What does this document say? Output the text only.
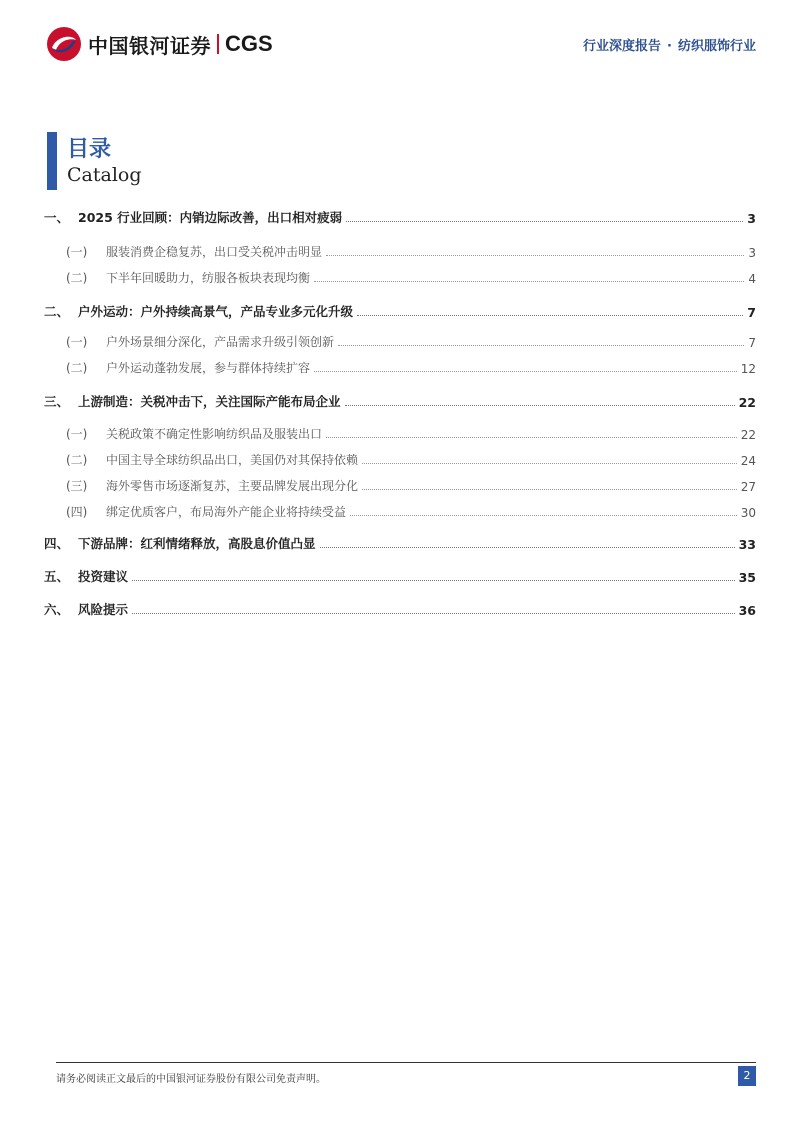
中国银河证券 CGS	行业深度报告 · 纺织服饰行业
目录
Catalog
一、 2025 行业回顾：内销边际改善，出口相对疲弱	3
(一)	服装消费企稳复苏，出口受关税冲击明显	3
(二)	下半年回暖助力，纺服各板块表现均衡	4
二、 户外运动：户外持续高景气，产品专业多元化升级	7
(一)	户外场景细分深化，产品需求升级引领创新	7
(二)	户外运动蓬勃发展，参与群体持续扩容	12
三、 上游制造：关税冲击下，关注国际产能布局企业	22
(一)	关税政策不确定性影响纺织品及服装出口	22
(二)	中国主导全球纺织品出口，美国仍对其保持依赖	24
(三)	海外零售市场逐渐复苏，主要品牌发展出现分化	27
(四)	绑定优质客户，布局海外产能企业将持续受益	30
四、 下游品牌：红利情绪释放，高股息价值凸显	33
五、 投资建议	35
六、 风险提示	36
请务必阅读正文最后的中国银河证券股份有限公司免责声明。	2
